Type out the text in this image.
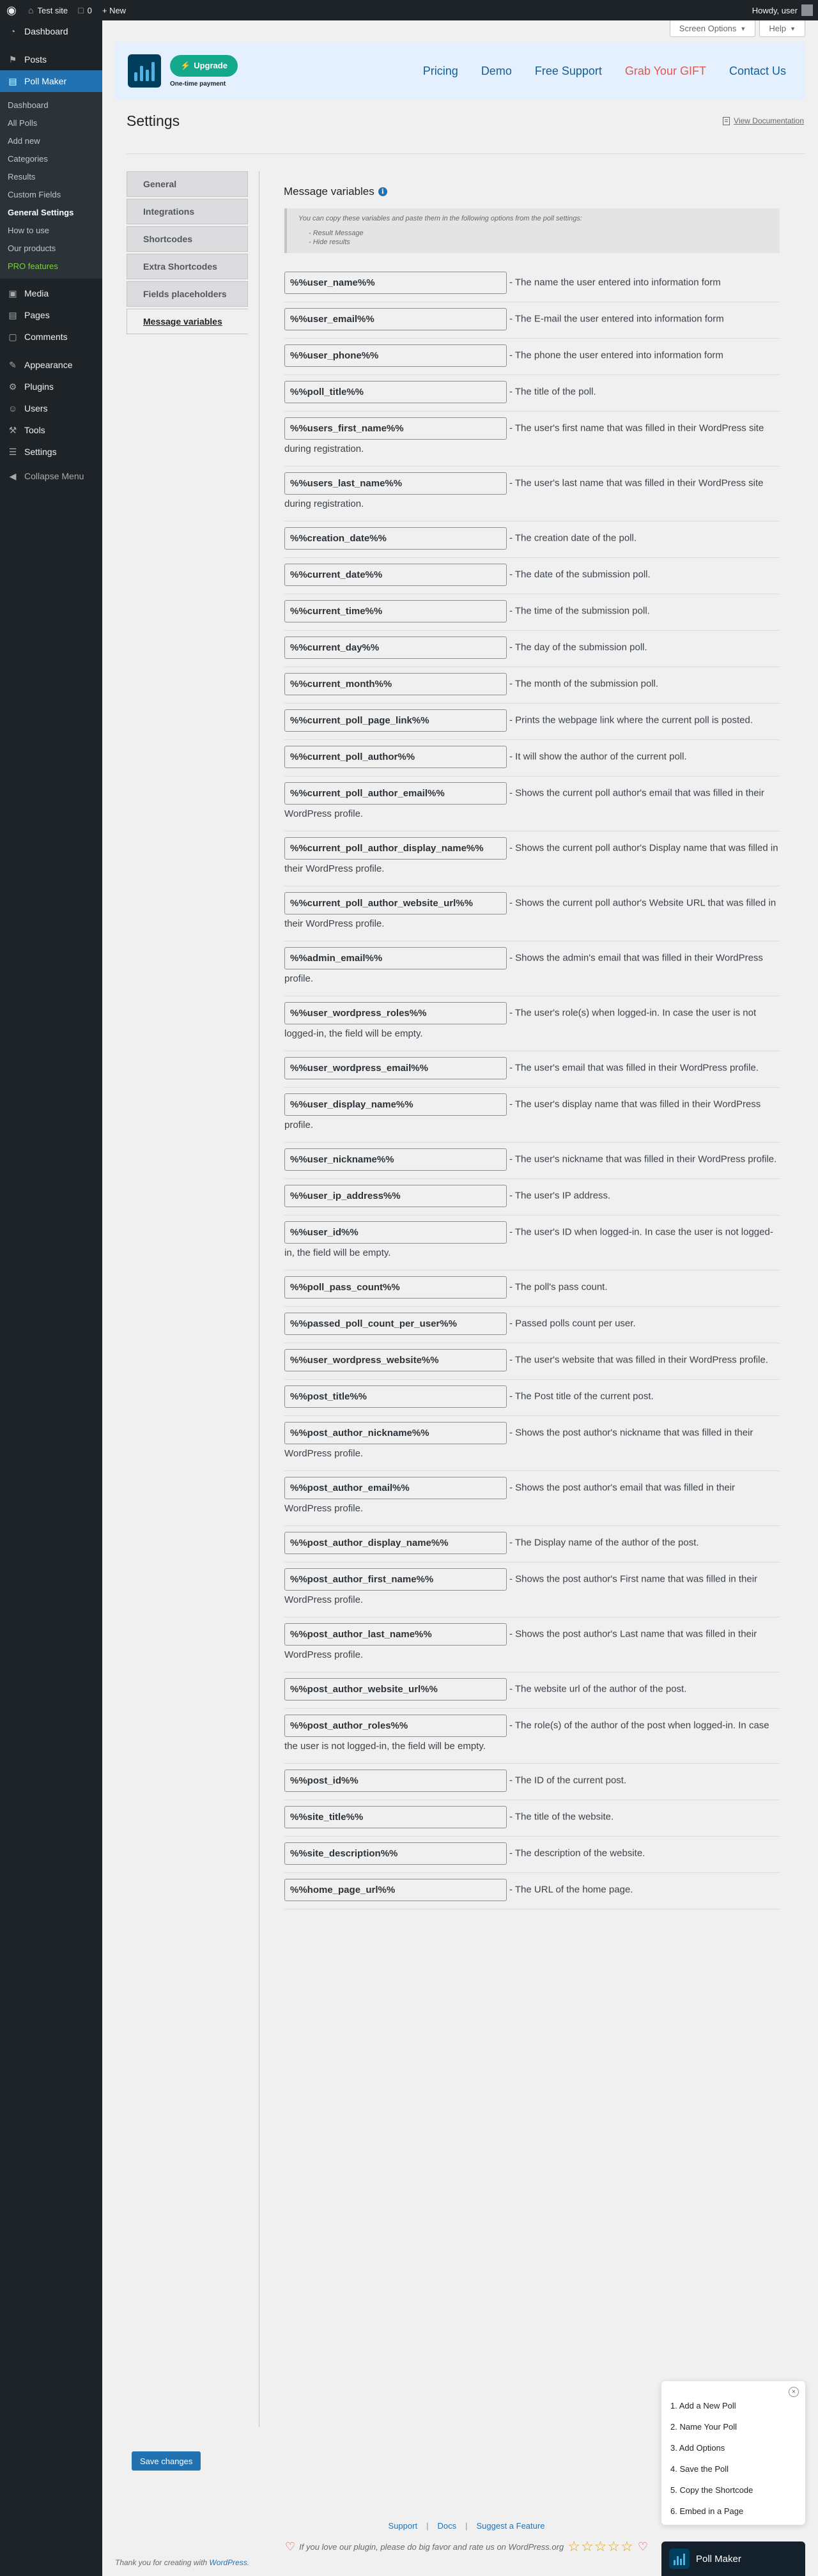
◉	⌂ Test site □ 0 + New	Howdy, user
◔ Dashboard
⚑ Posts
▤ Poll Maker
Dashboard
All Polls
Add new
Categories
Results
Custom Fields
General Settings
How to use
Our products
PRO features
▣ Media
▤ Pages
▢ Comments
✎ Appearance
⚙ Plugins
☺ Users
⚒ Tools
☰ Settings
◀ Collapse Menu
Screen Options ▼	Help ▼
⚡ Upgrade
One-time payment
Pricing Demo Free Support Grab Your GIFT Contact Us
Settings	View Documentation
General
Integrations
Shortcodes
Extra Shortcodes
Fields placeholders
Message variables
Message variables	i
You can copy these variables and paste them in the following options from the poll settings:
- Result Message
- Hide results
%%user_name%%	- The name the user entered into information form
%%user_email%%	- The E-mail the user entered into information form
%%user_phone%%	- The phone the user entered into information form
%%poll_title%%	- The title of the poll.
%%users_first_name%%	- The user's first name that was filled in their WordPress site during registration.
%%users_last_name%%	- The user's last name that was filled in their WordPress site during registration.
%%creation_date%%	- The creation date of the poll.
%%current_date%%	- The date of the submission poll.
%%current_time%%	- The time of the submission poll.
%%current_day%%	- The day of the submission poll.
%%current_month%%	- The month of the submission poll.
%%current_poll_page_link%%	- Prints the webpage link where the current poll is posted.
%%current_poll_author%%	- It will show the author of the current poll.
%%current_poll_author_email%%	- Shows the current poll author's email that was filled in their WordPress profile.
%%current_poll_author_display_name%%	- Shows the current poll author's Display name that was filled in their WordPress profile.
%%current_poll_author_website_url%%	- Shows the current poll author's Website URL that was filled in their WordPress profile.
%%admin_email%%	- Shows the admin's email that was filled in their WordPress profile.
%%user_wordpress_roles%%	- The user's role(s) when logged-in. In case the user is not logged-in, the field will be empty.
%%user_wordpress_email%%	- The user's email that was filled in their WordPress profile.
%%user_display_name%%	- The user's display name that was filled in their WordPress profile.
%%user_nickname%%	- The user's nickname that was filled in their WordPress profile.
%%user_ip_address%%	- The user's IP address.
%%user_id%%	- The user's ID when logged-in. In case the user is not logged-in, the field will be empty.
%%poll_pass_count%%	- The poll's pass count.
%%passed_poll_count_per_user%%	- Passed polls count per user.
%%user_wordpress_website%%	- The user's website that was filled in their WordPress profile.
%%post_title%%	- The Post title of the current post.
%%post_author_nickname%%	- Shows the post author's nickname that was filled in their WordPress profile.
%%post_author_email%%	- Shows the post author's email that was filled in their WordPress profile.
%%post_author_display_name%%	- The Display name of the author of the post.
%%post_author_first_name%%	- Shows the post author's First name that was filled in their WordPress profile.
%%post_author_last_name%%	- Shows the post author's Last name that was filled in their WordPress profile.
%%post_author_website_url%%	- The website url of the author of the post.
%%post_author_roles%%	- The role(s) of the author of the post when logged-in. In case the user is not logged-in, the field will be empty.
%%post_id%%	- The ID of the current post.
%%site_title%%	- The title of the website.
%%site_description%%	- The description of the website.
%%home_page_url%%	- The URL of the home page.
Save changes
Support | Docs | Suggest a Feature
♡ If you love our plugin, please do big favor and rate us on WordPress.org ☆☆☆☆☆ ♡
Thank you for creating with WordPress.
×
1. Add a New Poll
2. Name Your Poll
3. Add Options
4. Save the Poll
5. Copy the Shortcode
6. Embed in a Page
Poll Maker
